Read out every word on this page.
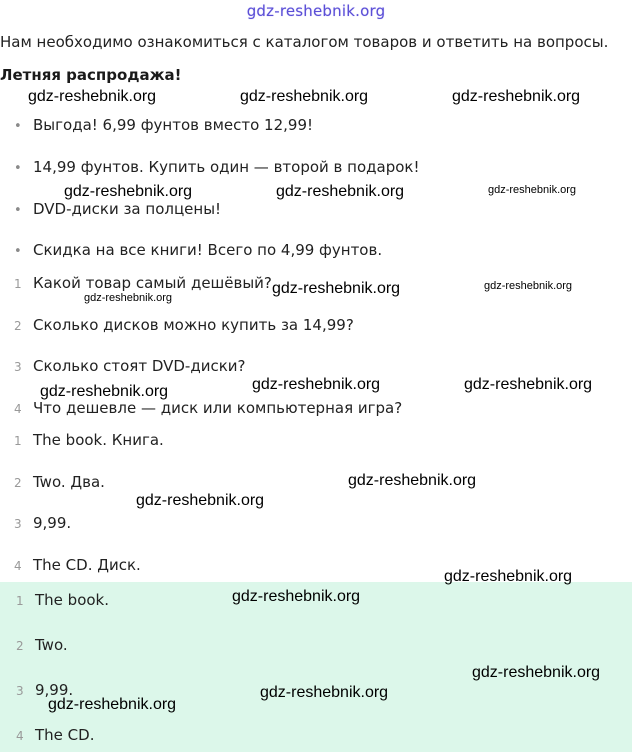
gdz-reshebnik.org
Нам необходимо ознакомиться с каталогом товаров и ответить на вопросы.
Летняя распродажа!
• Выгода! 6,99 фунтов вместо 12,99!
• 14,99 фунтов. Купить один — второй в подарок!
• DVD-диски за полцены!
• Скидка на все книги! Всего по 4,99 фунтов.
1 Какой товар самый дешёвый?
2 Сколько дисков можно купить за 14,99?
3 Сколько стоят DVD-диски?
4 Что дешевле — диск или компьютерная игра?
1 The book. Книга.
2 Two. Два.
3 9,99.
4 The CD. Диск.
1 The book.
2 Two.
3 9,99.
4 The CD.
gdz-reshebnik.org	gdz-reshebnik.org	gdz-reshebnik.org
gdz-reshebnik.org	gdz-reshebnik.org	gdz-reshebnik.org
gdz-reshebnik.org	gdz-reshebnik.org
gdz-reshebnik.org
gdz-reshebnik.org	gdz-reshebnik.org
gdz-reshebnik.org
gdz-reshebnik.org
gdz-reshebnik.org
gdz-reshebnik.org
gdz-reshebnik.org
gdz-reshebnik.org
gdz-reshebnik.org
gdz-reshebnik.org
